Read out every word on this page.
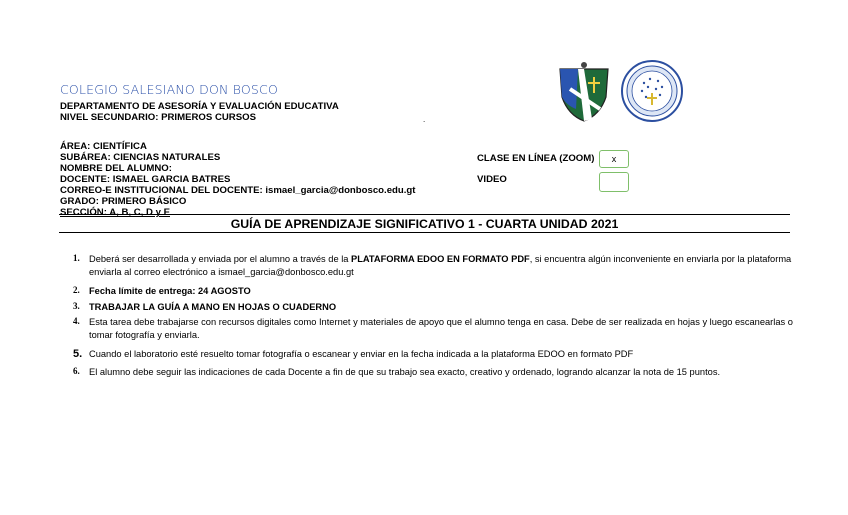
COLEGIO SALESIANO DON BOSCO
DEPARTAMENTO DE ASESORÍA Y EVALUACIÓN EDUCATIVA
NIVEL SECUNDARIO: PRIMEROS CURSOS	.
ÁREA: CIENTÍFICA
SUBÁREA: CIENCIAS NATURALES
NOMBRE DEL ALUMNO:
DOCENTE: ISMAEL GARCIA BATRES
CORREO-E INSTITUCIONAL DEL DOCENTE: ismael_garcia@donbosco.edu.gt
GRADO: PRIMERO BÁSICO
SECCIÓN: A, B, C, D y E
CLASE EN LÍNEA (ZOOM)	x
VIDEO
GUÍA DE APRENDIZAJE SIGNIFICATIVO 1 - CUARTA UNIDAD 2021
1. Deberá ser desarrollada y enviada por el alumno a través de la PLATAFORMA EDOO EN FORMATO PDF, si encuentra algún inconveniente en enviarla por la plataforma enviarla al correo electrónico a ismael_garcia@donbosco.edu.gt
2. Fecha límite de entrega: 24 AGOSTO
3. TRABAJAR LA GUÍA A MANO EN HOJAS O CUADERNO
4. Esta tarea debe trabajarse con recursos digitales como Internet y materiales de apoyo que el alumno tenga en casa. Debe de ser realizada en hojas y luego escanearlas o tomar fotografía y enviarla.
5. Cuando el laboratorio esté resuelto tomar fotografía o escanear y enviar en la fecha indicada a la plataforma EDOO en formato PDF
6. El alumno debe seguir las indicaciones de cada Docente a fin de que su trabajo sea exacto, creativo y ordenado, logrando alcanzar la nota de 15 puntos.
